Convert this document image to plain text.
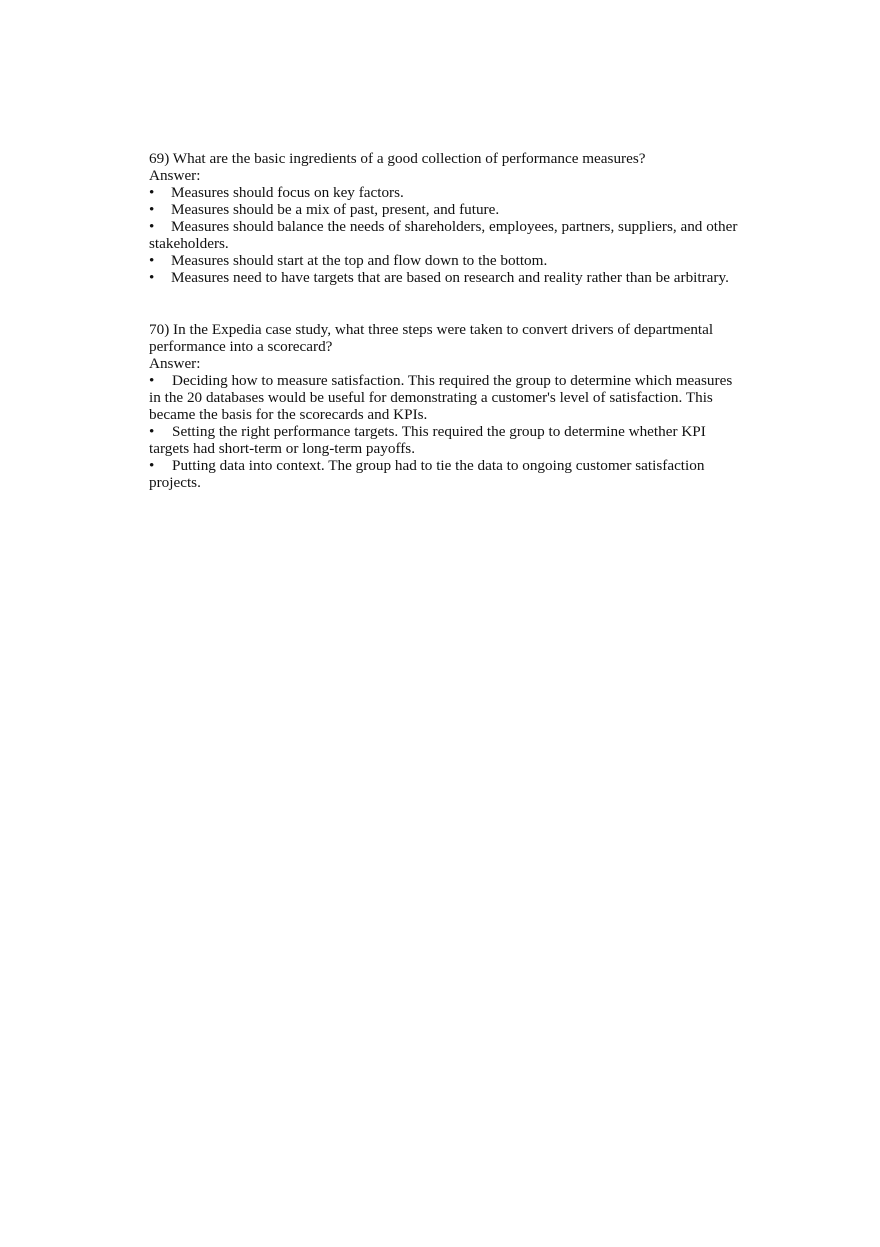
69) What are the basic ingredients of a good collection of performance measures?
Answer:
• Measures should focus on key factors.
• Measures should be a mix of past, present, and future.
• Measures should balance the needs of shareholders, employees, partners, suppliers, and other
stakeholders.
• Measures should start at the top and flow down to the bottom.
• Measures need to have targets that are based on research and reality rather than be arbitrary.
70) In the Expedia case study, what three steps were taken to convert drivers of departmental
performance into a scorecard?
Answer:
• Deciding how to measure satisfaction. This required the group to determine which measures
in the 20 databases would be useful for demonstrating a customer's level of satisfaction. This
became the basis for the scorecards and KPIs.
• Setting the right performance targets. This required the group to determine whether KPI
targets had short-term or long-term payoffs.
• Putting data into context. The group had to tie the data to ongoing customer satisfaction
projects.
